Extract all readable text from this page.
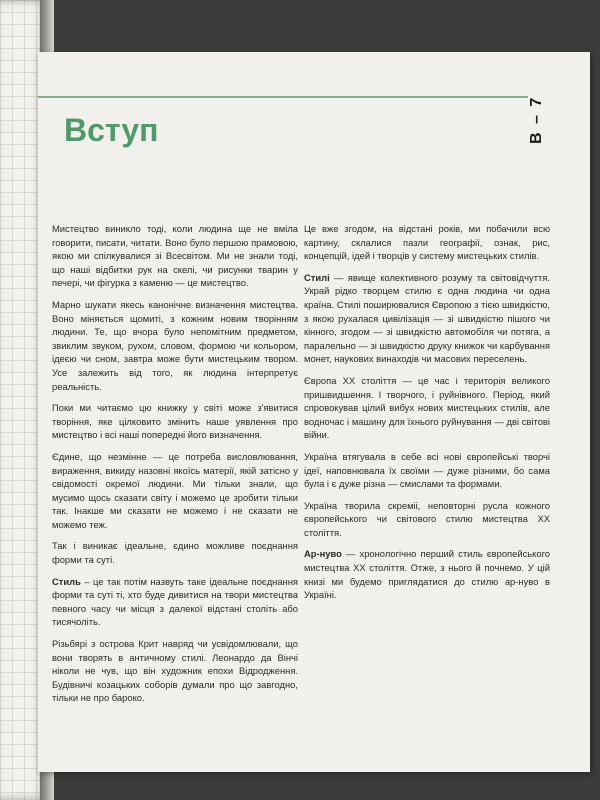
В – 7
Вступ

Мистецтво виникло тоді, коли людина ще не вміла говорити, писати, читати. Воно було першою прамовою, якою ми спілкувалися зі Всесвітом. Ми не знали тоді, що наші відбитки рук на скелі, чи рисунки тварин у печері, чи фігурка з каменю — це мистецтво.

Марно шукати якесь канонічне визначення мистецтва. Воно міняється щомиті, з кожним новим творінням людини. Те, що вчора було непомітним предметом, звиклим звуком, рухом, словом, формою чи кольором, ідеєю чи сном, завтра може бути мистецьким твором. Усе залежить від того, як людина інтерпретує реальність.

Поки ми читаємо цю книжку у світі може з'явитися творіння, яке цілковито змінить наше уявлення про мистецтво і всі наші попередні його визначення.

Єдине, що незмінне — це потреба висловлювання, вираження, викиду назовні якоїсь матерії, якій затісно у свідомості окремої людини. Ми тільки знали, що мусимо щось сказати світу і можемо це зробити тільки так. Інакше ми сказати не можемо і не сказати не можемо теж.

Так і виникає ідеальне, єдино можливе поєднання форми та суті.

Стиль – це так потім назвуть таке ідеальне поєднання форми та суті ті, хто буде дивитися на твори мистецтва певного часу чи місця з далекої відстані століть або тисячоліть.

Різьбярі з острова Крит навряд чи усвідомлювали, що вони творять в античному стилі. Леонардо да Вінчі ніколи не чув, що він художник епохи Відродження. Будівничі козацьких соборів думали про що завгодно, тільки не про бароко.

Це вже згодом, на відстані років, ми побачили всю картину, склалися пазли географії, ознак, рис, концепцій, ідей і творців у систему мистецьких стилів.

Стилі — явище колективного розуму та світовідчуття. Украй рідко творцем стилю є одна людина чи одна країна. Стилі поширювалися Європою з тією швидкістю, з якою рухалася цивілізація — зі швидкістю пішого чи кінного, згодом — зі швидкістю автомобіля чи потяга, а паралельно — зі швидкістю друку книжок чи карбування монет, наукових винаходів чи масових переселень.

Європа XX століття — це час і територія великого пришвидшення. І творчого, і руйнівного. Період, який спровокував цілий вибух нових мистецьких стилів, але водночас і машину для їхнього руйнування — дві світові війни.

Україна втягувала в себе всі нові європейські творчі ідеї, наповнювала їх своїми — дуже різними, бо сама була і є дуже різна — смислами та формами.

Україна творила скреміі, неповторні русла кожного європейського чи світового стилю мистецтва XX століття.

Ар-нуво — хронологічно перший стиль європейського мистецтва XX століття. Отже, з нього й почнемо. У цій книзі ми будемо приглядатися до стилю ар-нуво в Україні.
